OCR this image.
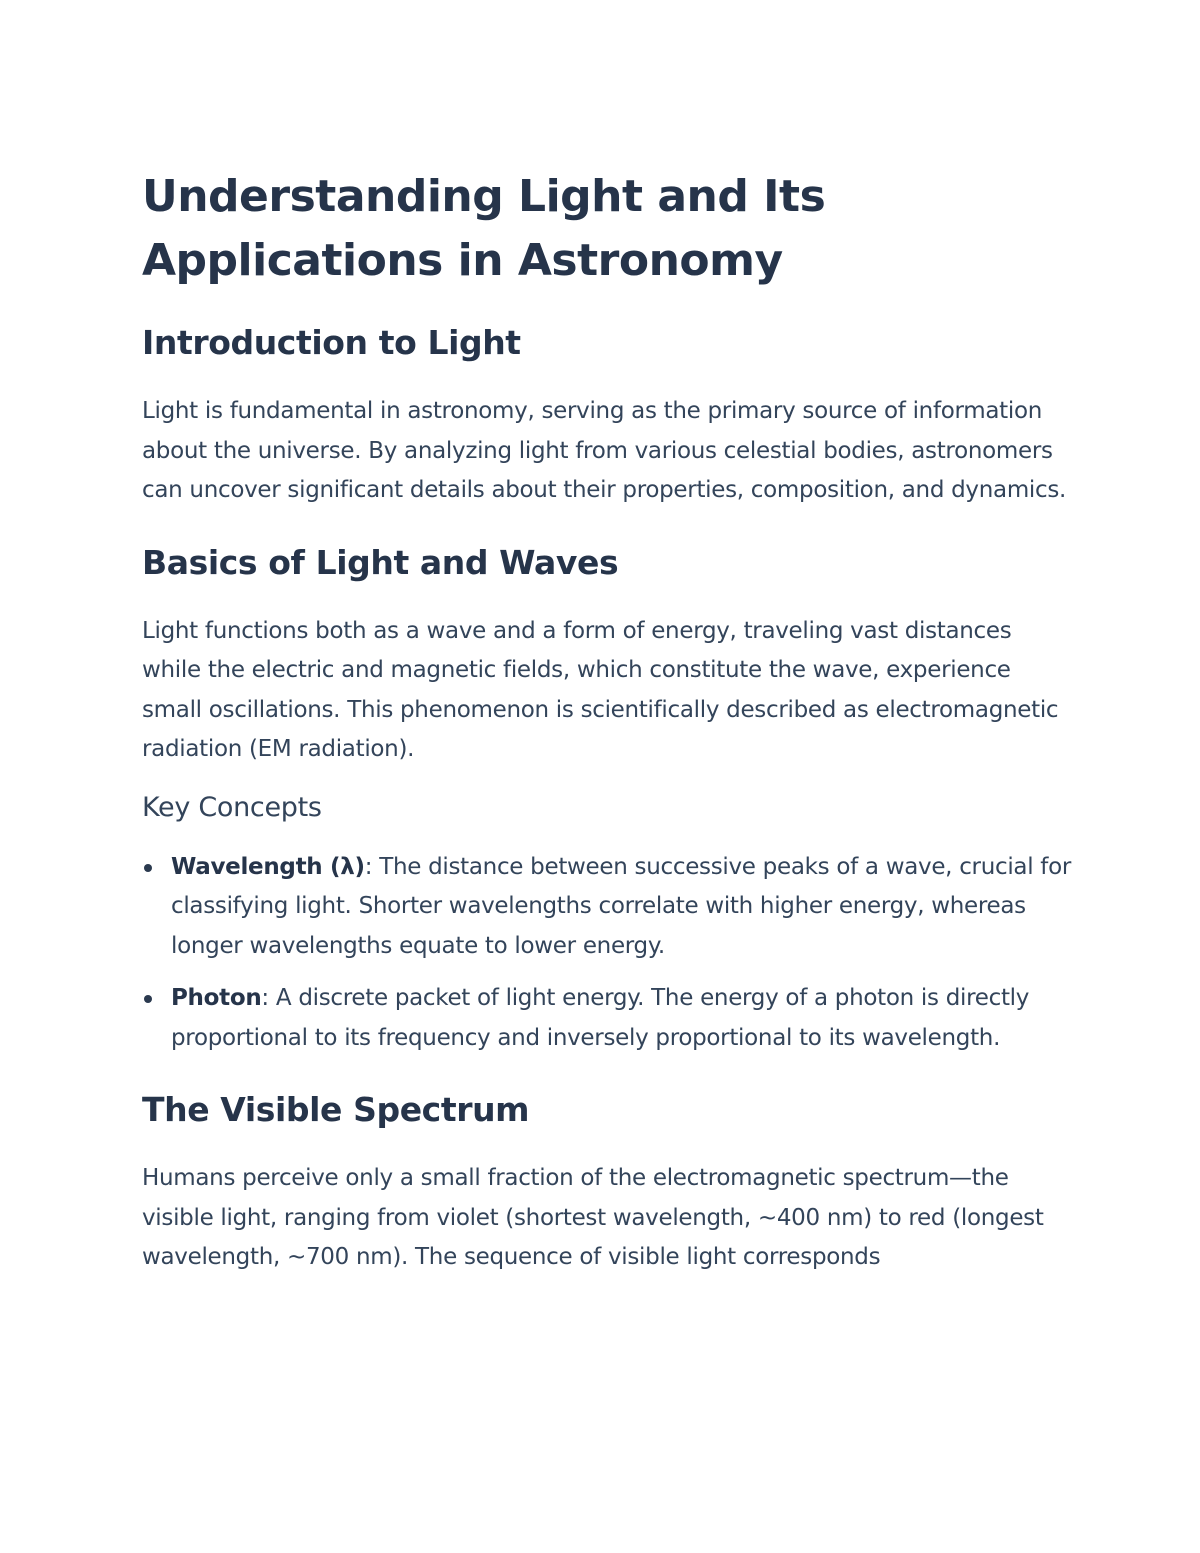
Understanding Light and Its Applications in Astronomy
Introduction to Light

Light is fundamental in astronomy, serving as the primary source of information about the universe. By analyzing light from various celestial bodies, astronomers can uncover significant details about their properties, composition, and dynamics.

Basics of Light and Waves

Light functions both as a wave and a form of energy, traveling vast distances while the electric and magnetic fields, which constitute the wave, experience small oscillations. This phenomenon is scientifically described as electromagnetic radiation (EM radiation).

Key Concepts
Wavelength (λ): The distance between successive peaks of a wave, crucial for classifying light. Shorter wavelengths correlate with higher energy, whereas longer wavelengths equate to lower energy.
Photon: A discrete packet of light energy. The energy of a photon is directly proportional to its frequency and inversely proportional to its wavelength.
The Visible Spectrum

Humans perceive only a small fraction of the electromagnetic spectrum—the visible light, ranging from violet (shortest wavelength, ~400 nm) to red (longest wavelength, ~700 nm). The sequence of visible light corresponds
